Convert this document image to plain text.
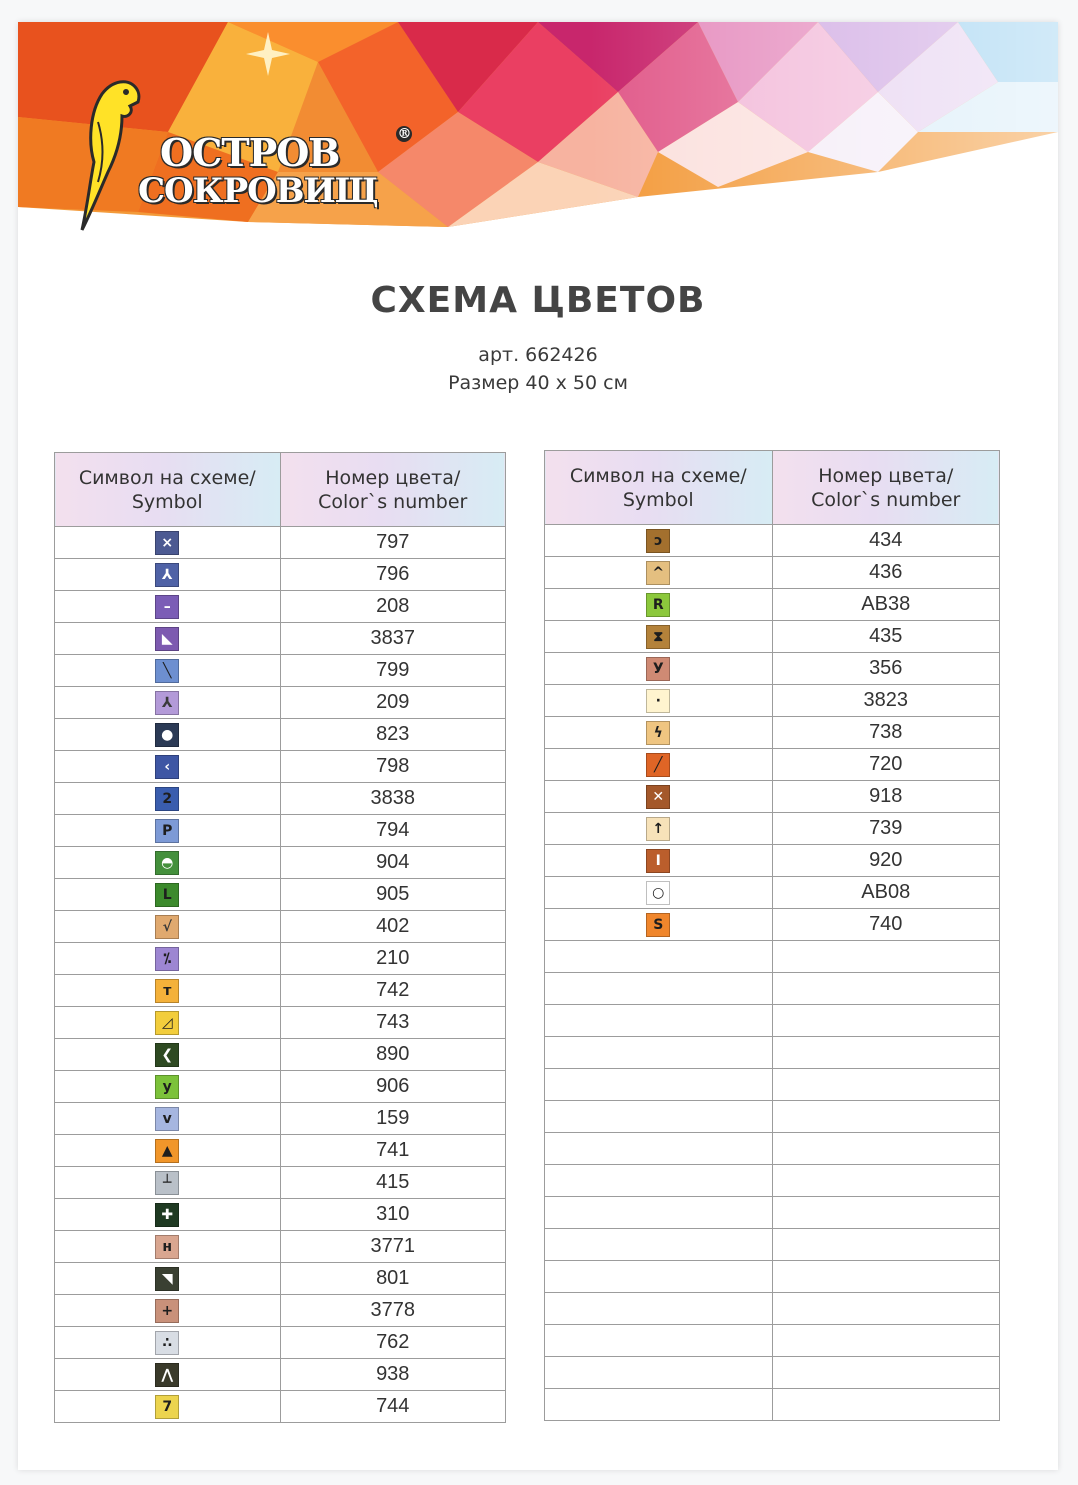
ОСТРОВ
СОКРОВИЩ
®
СХЕМА ЦВЕТОВ
арт. 662426
Размер 40 х 50 см
Символ на схеме/
Symbol	Номер цвета/
Color`s number
×	797
⅄	796
–	208
◣	3837
╲	799
⅄	209
●	823
‹	798
2	3838
P	794
◓	904
L	905
√	402
⁒	210
т	742
◿	743
❮	890
у	906
v	159
▲	741
┴	415
✚	310
н	3771
◥	801
+	3778
∴	762
⋀	938
7	744
Символ на схеме/
Symbol	Номер цвета/
Color`s number
ↄ	434
^	436
R	AB38
⧗	435
У	356
·	3823
ϟ	738
╱	720
✕	918
↑	739
I	920
○	AB08
S	740
